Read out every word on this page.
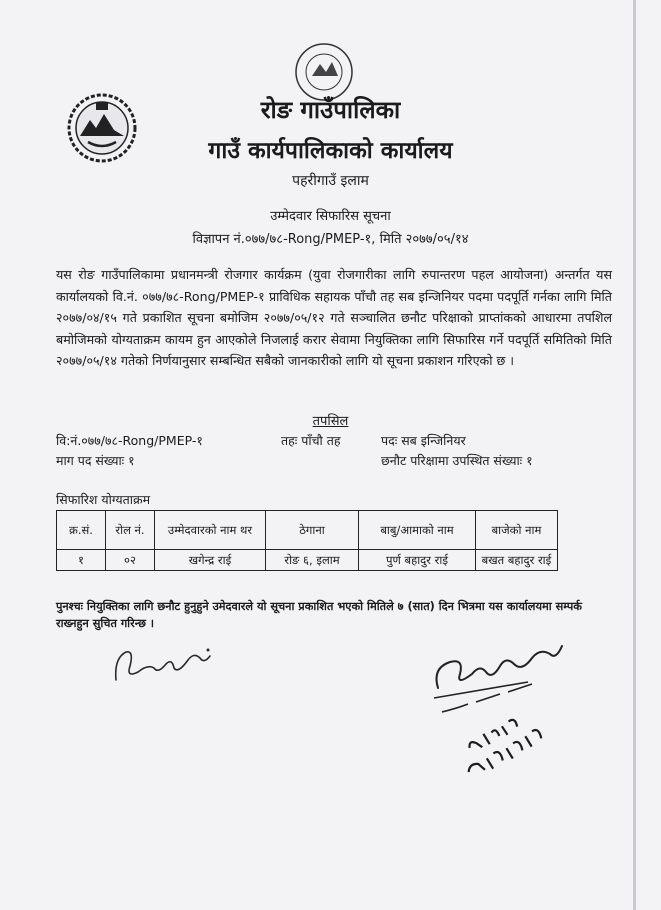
रोङ गाउँपालिका
गाउँ कार्यपालिकाको कार्यालय
पहरीगाउँ इलाम
उम्मेदवार सिफारिस सूचना
विज्ञापन नं.०७७/७८-Rong/PMEP-१, मिति २०७७/०५/१४
यस रोङ गाउँपालिकामा प्रधानमन्त्री रोजगार कार्यक्रम (युवा रोजगारीका लागि रुपान्तरण पहल आयोजना) अन्तर्गत यस कार्यालयको वि.नं. ०७७/७८-Rong/PMEP-१ प्राविधिक सहायक पाँचौ तह सब इन्जिनियर पदमा पदपूर्ति गर्नका लागि मिति २०७७/०४/१५ गते प्रकाशित सूचना बमोजिम २०७७/०५/१२ गते सञ्चालित छनौट परिक्षाको प्राप्तांकको आधारमा तपशिल बमोजिमको योग्यताक्रम कायम हुन आएकोले निजलाई करार सेवामा नियुक्तिका लागि सिफारिस गर्ने पदपूर्ति समितिको मिति २०७७/०५/१४ गतेको निर्णयानुसार सम्बन्धित सबैको जानकारीको लागि यो सूचना प्रकाशन गरिएको छ ।
तपसिल
वि:नं.०७७/७८-Rong/PMEP-१	तहः पाँचौ तह	पदः सब इन्जिनियर
माग पद संख्याः १	छनौट परिक्षामा उपस्थित संख्याः १
सिफारिश योग्यताक्रम
क्र.सं.	रोल नं.	उम्मेदवारको नाम थर	ठेगाना	बाबु/आमाको नाम	बाजेको नाम
१	०२	खगेन्द्र राई	रोङ ६, इलाम	पुर्ण बहादुर राई	बखत बहादुर राई
पुनश्चः नियुक्तिका लागि छनौट हुनुहुने उमेदवारले यो सूचना प्रकाशित भएको मितिले ७ (सात) दिन भित्रमा यस कार्यालयमा सम्पर्क राख्नहुन सुचित गरिन्छ ।
